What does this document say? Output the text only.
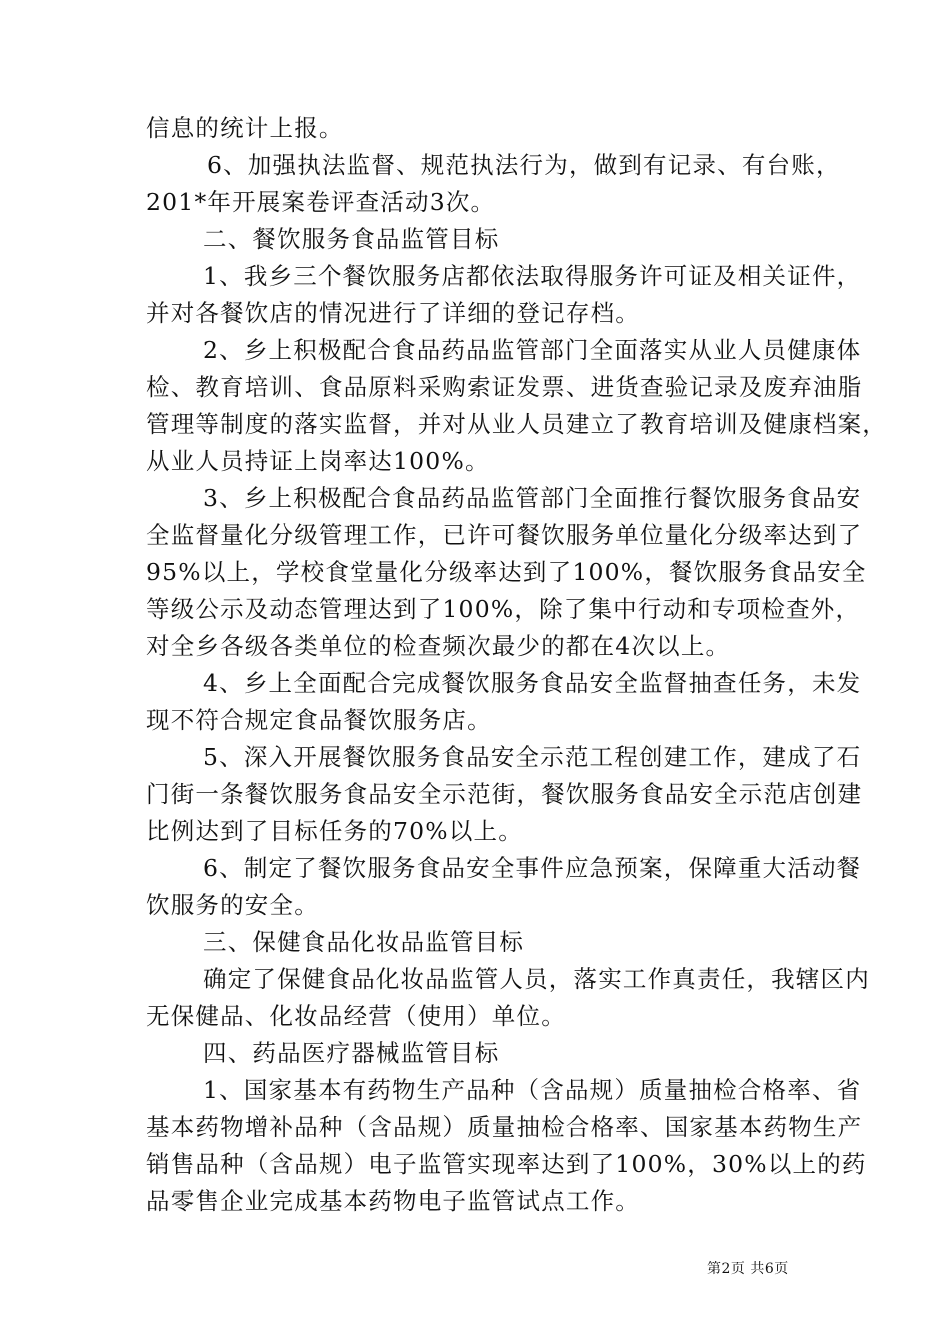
信息的统计上报。
6、加强执法监督、规范执法行为，做到有记录、有台账，
201*年开展案卷评查活动3次。
二、餐饮服务食品监管目标
1、我乡三个餐饮服务店都依法取得服务许可证及相关证件，
并对各餐饮店的情况进行了详细的登记存档。
2、乡上积极配合食品药品监管部门全面落实从业人员健康体
检、教育培训、食品原料采购索证发票、进货查验记录及废弃油脂
管理等制度的落实监督，并对从业人员建立了教育培训及健康档案，
从业人员持证上岗率达100%。
3、乡上积极配合食品药品监管部门全面推行餐饮服务食品安
全监督量化分级管理工作，已许可餐饮服务单位量化分级率达到了
95%以上，学校食堂量化分级率达到了100%，餐饮服务食品安全
等级公示及动态管理达到了100%，除了集中行动和专项检查外，
对全乡各级各类单位的检查频次最少的都在4次以上。
4、乡上全面配合完成餐饮服务食品安全监督抽查任务，未发
现不符合规定食品餐饮服务店。
5、深入开展餐饮服务食品安全示范工程创建工作，建成了石
门街一条餐饮服务食品安全示范街，餐饮服务食品安全示范店创建
比例达到了目标任务的70%以上。
6、制定了餐饮服务食品安全事件应急预案，保障重大活动餐
饮服务的安全。
三、保健食品化妆品监管目标
确定了保健食品化妆品监管人员，落实工作真责任，我辖区内
无保健品、化妆品经营（使用）单位。
四、药品医疗器械监管目标
1、国家基本有药物生产品种（含品规）质量抽检合格率、省
基本药物增补品种（含品规）质量抽检合格率、国家基本药物生产
销售品种（含品规）电子监管实现率达到了100%，30%以上的药
品零售企业完成基本药物电子监管试点工作。
第2页 共6页
